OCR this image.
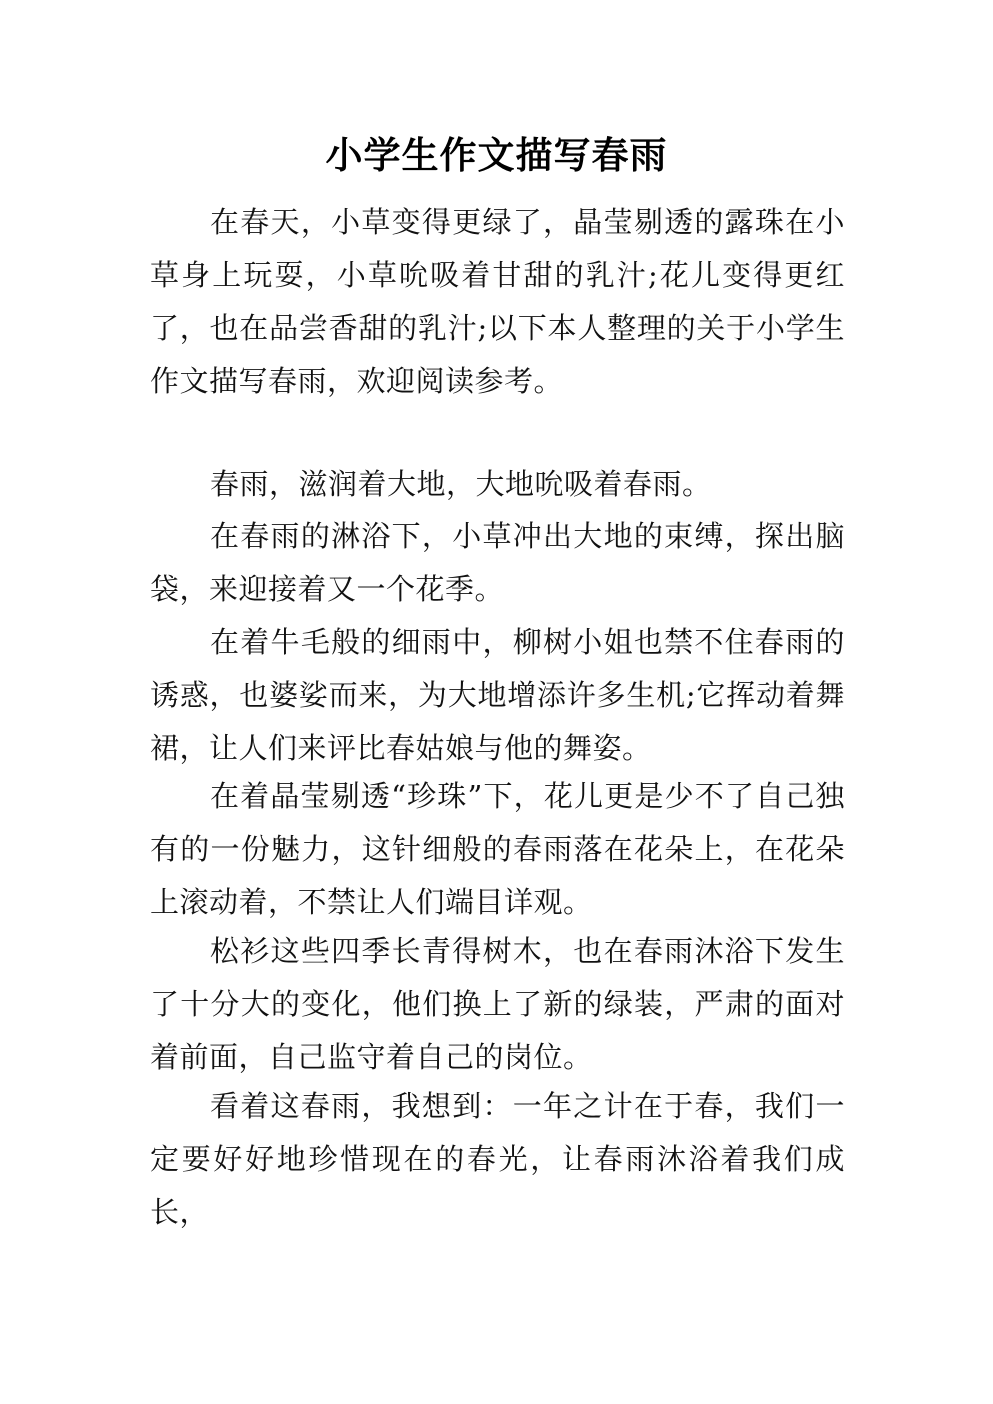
小学生作文描写春雨

在春天，小草变得更绿了，晶莹剔透的露珠在小草身上玩耍，小草吮吸着甘甜的乳汁;花儿变得更红了，也在品尝香甜的乳汁;以下本人整理的关于小学生作文描写春雨，欢迎阅读参考。

春雨，滋润着大地，大地吮吸着春雨。

在春雨的淋浴下，小草冲出大地的束缚，探出脑袋，来迎接着又一个花季。

在着牛毛般的细雨中，柳树小姐也禁不住春雨的诱惑，也婆娑而来，为大地增添许多生机;它挥动着舞裙，让人们来评比春姑娘与他的舞姿。

在着晶莹剔透“珍珠”下，花儿更是少不了自己独有的一份魅力，这针细般的春雨落在花朵上，在花朵上滚动着，不禁让人们端目详观。

松衫这些四季长青得树木，也在春雨沐浴下发生了十分大的变化，他们换上了新的绿装，严肃的面对着前面，自己监守着自己的岗位。

看着这春雨，我想到：一年之计在于春，我们一定要好好地珍惜现在的春光，让春雨沐浴着我们成长，
